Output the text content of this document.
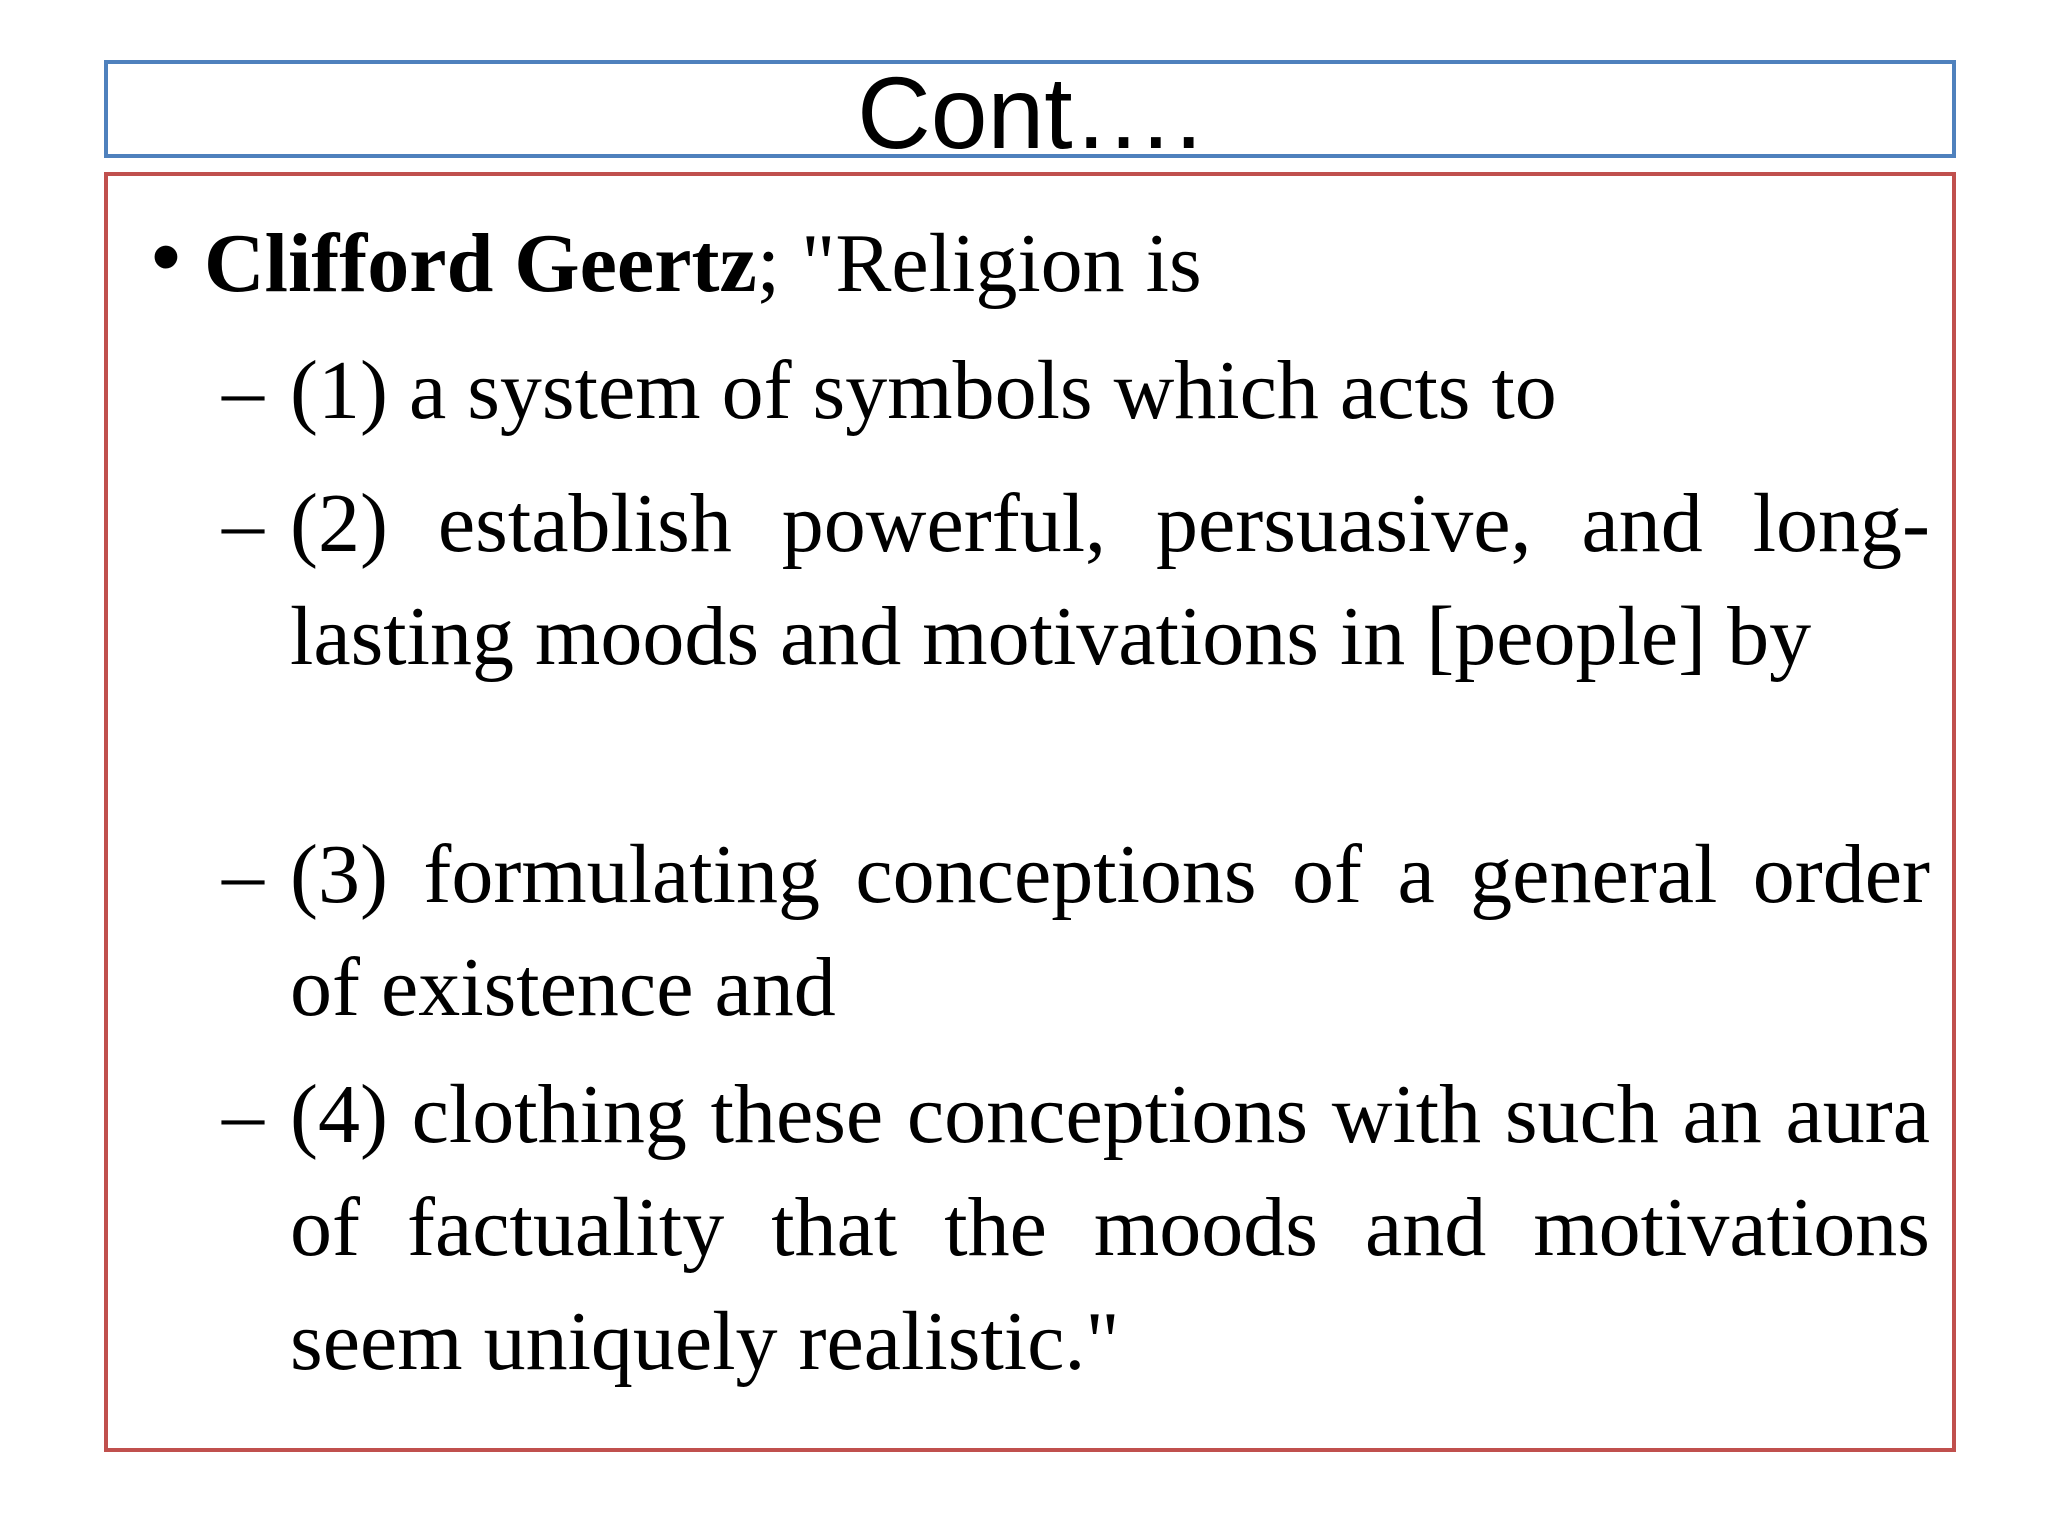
Cont….
• Clifford Geertz; "Religion is
– (1) a system of symbols which acts to
– (2) establish powerful, persuasive, and long-lasting moods and motivations in [people] by
– (3) formulating conceptions of a general order of existence and
– (4) clothing these conceptions with such an aura of factuality that the moods and motivations seem uniquely realistic."
